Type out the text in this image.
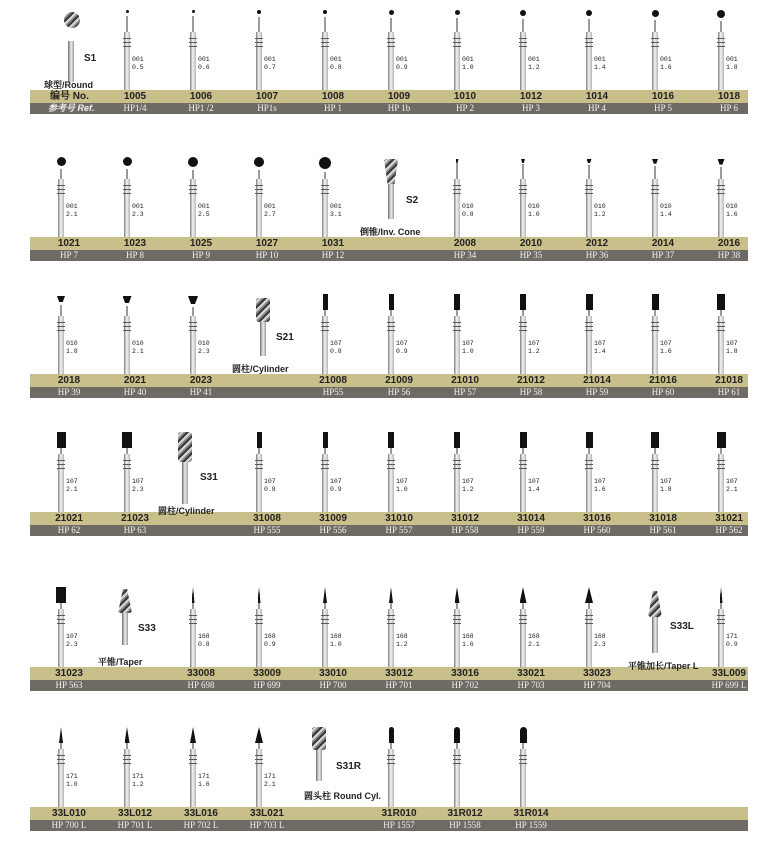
编号 No.	1005	1006	1007	1008	1009	1010	1012	1014	1016	1018
参考号 Ref.	HP1/4	HP1 /2	HP1s	HP 1	HP 1b	HP 2	HP 3	HP 4	HP 5	HP 6
001
0.5
001
0.6
001
0.7
001
0.8
001
0.9
001
1.0
001
1.2
001
1.4
001
1.6
001
1.8
S1
球型/Round
1021	1023	1025	1027	1031	2008	2010	2012	2014	2016
HP 7	HP 8	HP 9	HP 10	HP 12	HP 34	HP 35	HP 36	HP 37	HP 38
001
2.1
001
2.3
001
2.5
001
2.7
001
3.1
010
0.8
010
1.0
010
1.2
010
1.4
010
1.6
S2
倒锥/Inv. Cone
2018	2021	2023	21008	21009	21010	21012	21014	21016	21018
HP 39	HP 40	HP 41	HP55	HP 56	HP 57	HP 58	HP 59	HP 60	HP 61
010
1.8
010
2.1
010
2.3
107
0.8
107
0.9
107
1.0
107
1.2
107
1.4
107
1.6
107
1.8
S21
圆柱/Cylinder
21021	21023	31008	31009	31010	31012	31014	31016	31018	31021
HP 62	HP 63	HP 555	HP 556	HP 557	HP 558	HP 559	HP 560	HP 561	HP 562
107
2.1
107
2.3
107
0.8
107
0.9
107
1.0
107
1.2
107
1.4
107
1.6
107
1.8
107
2.1
S31
圆柱/Cylinder
31023	33008	33009	33010	33012	33016	33021	33023	33L009
HP 563	HP 698	HP 699	HP 700	HP 701	HP 702	HP 703	HP 704	HP 699 L
107
2.3
168
0.8
168
0.9
168
1.0
168
1.2
168
1.6
168
2.1
168
2.3
171
0.9
S33
平锥/Taper
S33L
平锥加长/Taper L
33L010	33L012	33L016	33L021	31R010	31R012	31R014
HP 700 L	HP 701 L	HP 702 L	HP 703 L	HP 1557	HP 1558	HP 1559
171
1.0
171
1.2
171
1.6
171
2.1
S31R
圆头柱 Round Cyl.
